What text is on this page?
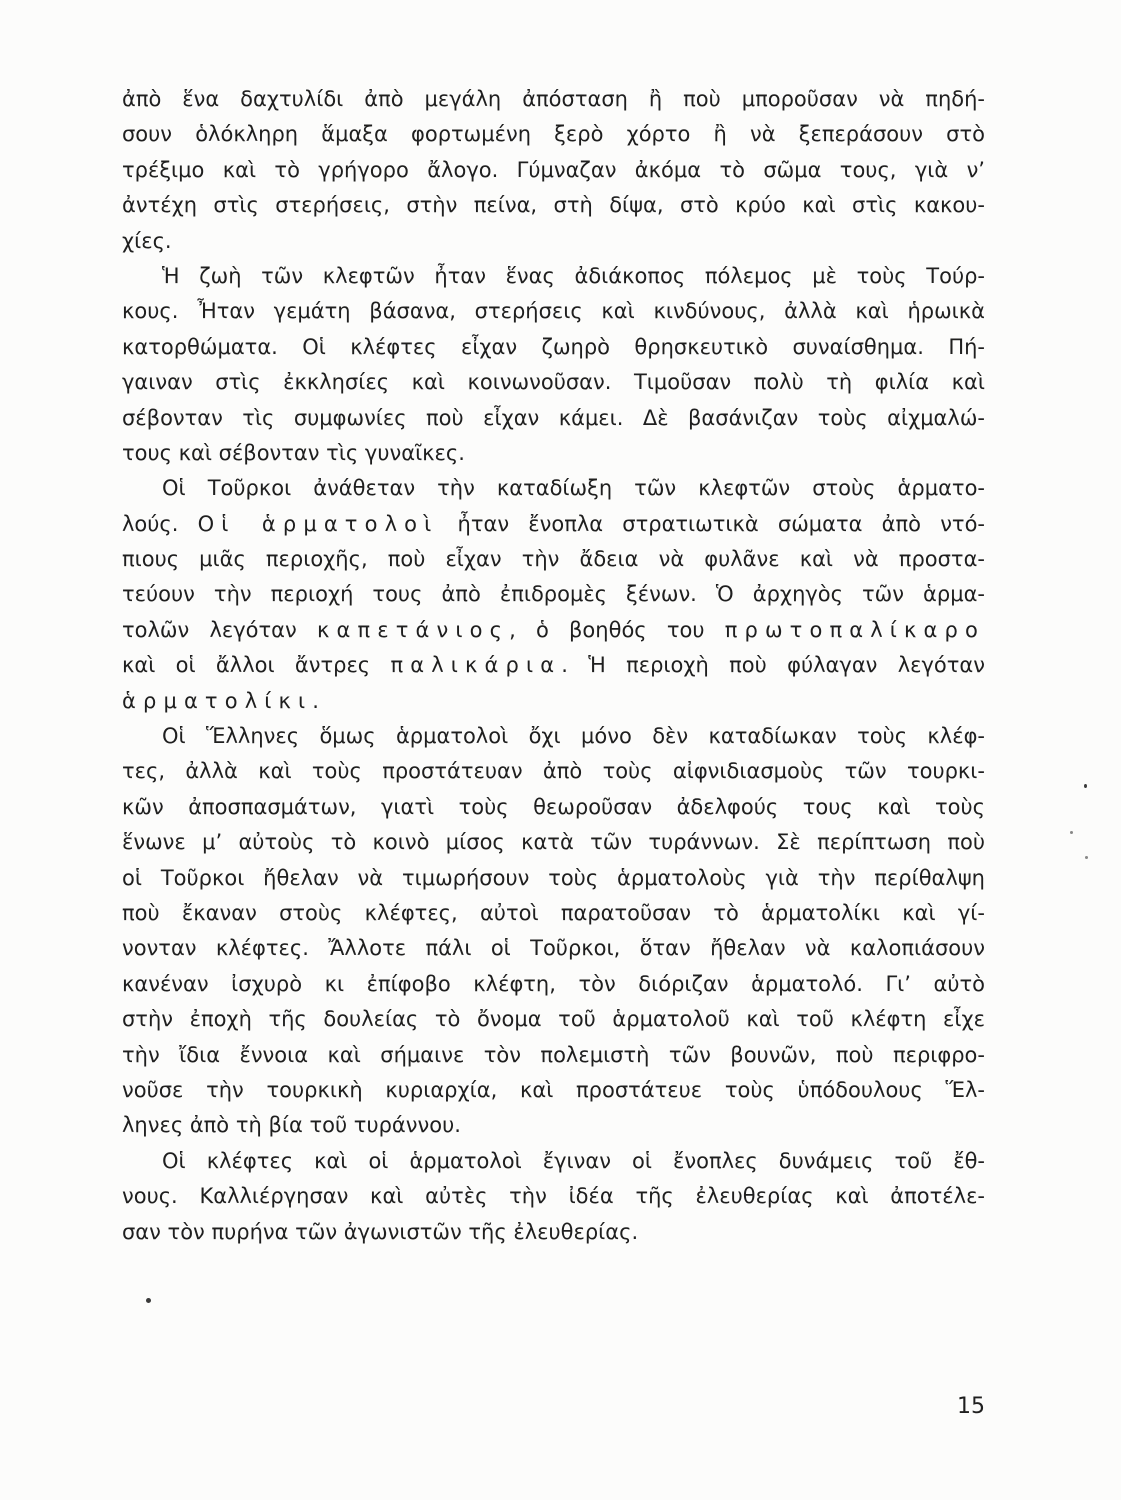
ἀπὸ ἕνα δαχτυλίδι ἀπὸ μεγάλη ἀπόσταση ἢ ποὺ μποροῦσαν νὰ πηδή-
σουν ὁλόκληρη ἅμαξα φορτωμένη ξερὸ χόρτο ἢ νὰ ξεπεράσουν στὸ
τρέξιμο καὶ τὸ γρήγορο ἄλογο. Γύμναζαν ἀκόμα τὸ σῶμα τους, γιὰ ν’
ἀντέχη στὶς στερήσεις, στὴν πείνα, στὴ δίψα, στὸ κρύο καὶ στὶς κακου-
χίες.
Ἡ ζωὴ τῶν κλεφτῶν ἦταν ἕνας ἀδιάκοπος πόλεμος μὲ τοὺς Τούρ-
κους. Ἦταν γεμάτη βάσανα, στερήσεις καὶ κινδύνους, ἀλλὰ καὶ ἡρωικὰ
κατορθώματα. Οἱ κλέφτες εἶχαν ζωηρὸ θρησκευτικὸ συναίσθημα. Πή-
γαιναν στὶς ἐκκλησίες καὶ κοινωνοῦσαν. Τιμοῦσαν πολὺ τὴ φιλία καὶ
σέβονταν τὶς συμφωνίες ποὺ εἶχαν κάμει. Δὲ βασάνιζαν τοὺς αἰχμαλώ-
τους καὶ σέβονταν τὶς γυναῖκες.
Οἱ Τοῦρκοι ἀνάθεταν τὴν καταδίωξη τῶν κλεφτῶν στοὺς ἁρματο-
λούς. Οἱ ἁρματολοὶ ἦταν ἔνοπλα στρατιωτικὰ σώματα ἀπὸ ντό-
πιους μιᾶς περιοχῆς, ποὺ εἶχαν τὴν ἄδεια νὰ φυλᾶνε καὶ νὰ προστα-
τεύουν τὴν περιοχή τους ἀπὸ ἐπιδρομὲς ξένων. Ὁ ἀρχηγὸς τῶν ἁρμα-
τολῶν λεγόταν καπετάνιος, ὁ βοηθός του πρωτοπαλίκαρο
καὶ οἱ ἄλλοι ἄντρες παλικάρια. Ἡ περιοχὴ ποὺ φύλαγαν λεγόταν
ἁρματολίκι.
Οἱ Ἕλληνες ὅμως ἁρματολοὶ ὄχι μόνο δὲν καταδίωκαν τοὺς κλέφ-
τες, ἀλλὰ καὶ τοὺς προστάτευαν ἀπὸ τοὺς αἰφνιδιασμοὺς τῶν τουρκι-
κῶν ἀποσπασμάτων, γιατὶ τοὺς θεωροῦσαν ἀδελφούς τους καὶ τοὺς
ἕνωνε μ’ αὐτοὺς τὸ κοινὸ μίσος κατὰ τῶν τυράννων. Σὲ περίπτωση ποὺ
οἱ Τοῦρκοι ἤθελαν νὰ τιμωρήσουν τοὺς ἁρματολοὺς γιὰ τὴν περίθαλψη
ποὺ ἔκαναν στοὺς κλέφτες, αὐτοὶ παρατοῦσαν τὸ ἁρματολίκι καὶ γί-
νονταν κλέφτες. Ἄλλοτε πάλι οἱ Τοῦρκοι, ὅταν ἤθελαν νὰ καλοπιάσουν
κανέναν ἰσχυρὸ κι ἐπίφοβο κλέφτη, τὸν διόριζαν ἁρματολό. Γι’ αὐτὸ
στὴν ἐποχὴ τῆς δουλείας τὸ ὄνομα τοῦ ἁρματολοῦ καὶ τοῦ κλέφτη εἶχε
τὴν ἴδια ἔννοια καὶ σήμαινε τὸν πολεμιστὴ τῶν βουνῶν, ποὺ περιφρο-
νοῦσε τὴν τουρκικὴ κυριαρχία, καὶ προστάτευε τοὺς ὑπόδουλους Ἕλ-
ληνες ἀπὸ τὴ βία τοῦ τυράννου.
Οἱ κλέφτες καὶ οἱ ἁρματολοὶ ἔγιναν οἱ ἔνοπλες δυνάμεις τοῦ ἔθ-
νους. Καλλιέργησαν καὶ αὐτὲς τὴν ἰδέα τῆς ἐλευθερίας καὶ ἀποτέλε-
σαν τὸν πυρήνα τῶν ἀγωνιστῶν τῆς ἐλευθερίας.
15
